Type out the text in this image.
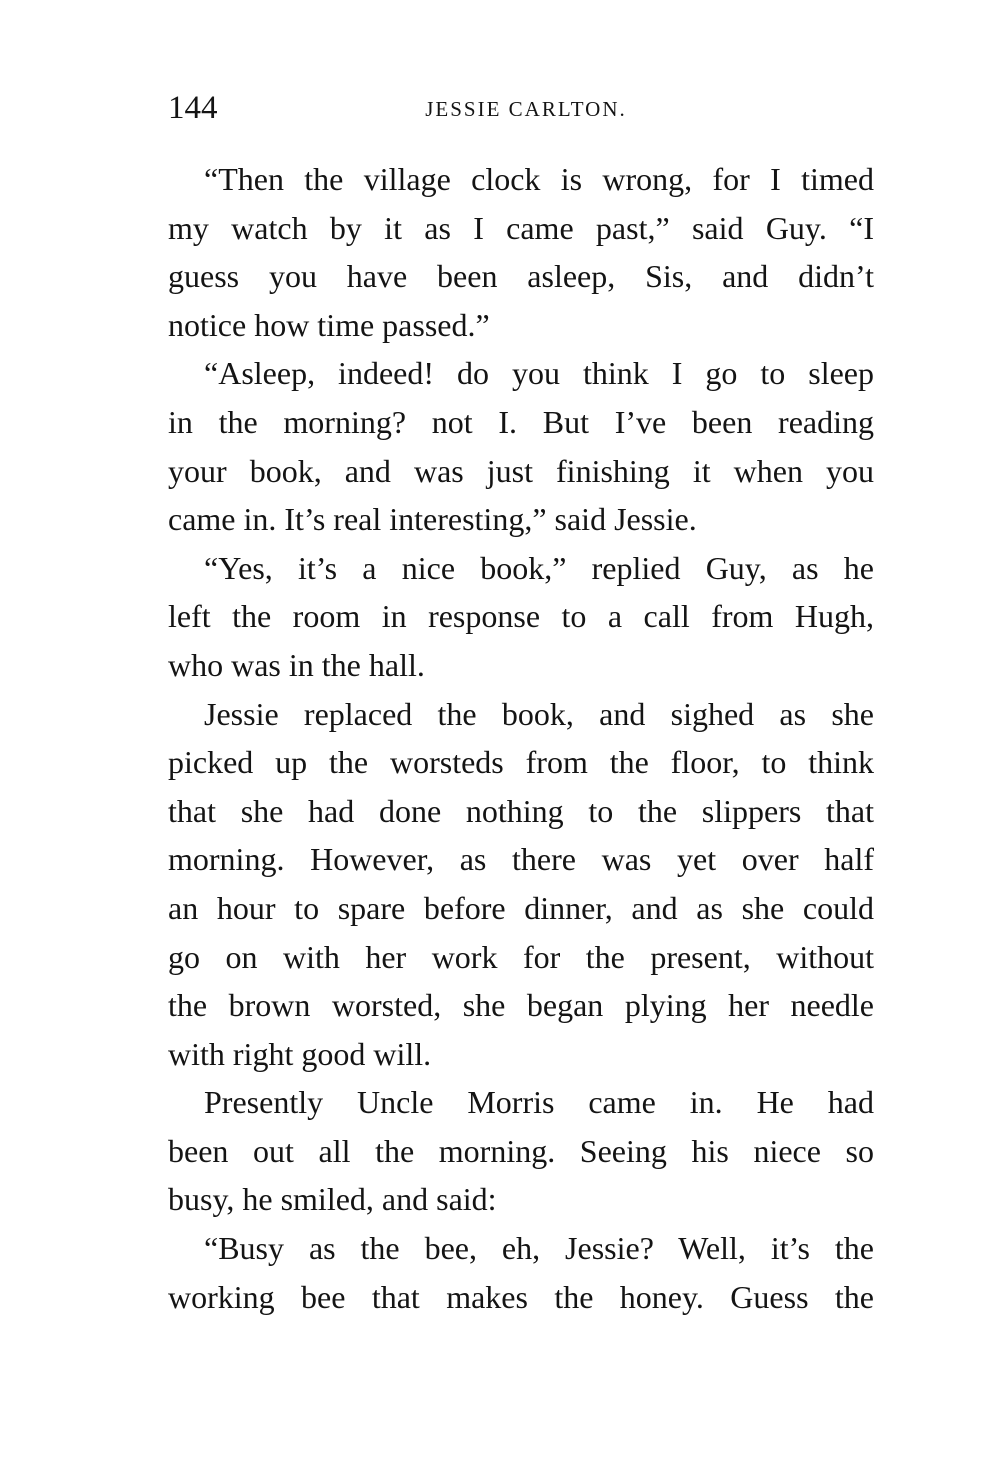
144	JESSIE CARLTON.
“Then the village clock is wrong, for I timed
my watch by it as I came past,” said Guy. “I
guess you have been asleep, Sis, and didn’t
notice how time passed.”
“Asleep, indeed! do you think I go to sleep
in the morning? not I. But I’ve been reading
your book, and was just finishing it when you
came in. It’s real interesting,” said Jessie.
“Yes, it’s a nice book,” replied Guy, as he
left the room in response to a call from Hugh,
who was in the hall.
Jessie replaced the book, and sighed as she
picked up the worsteds from the floor, to think
that she had done nothing to the slippers that
morning. However, as there was yet over half
an hour to spare before dinner, and as she could
go on with her work for the present, without
the brown worsted, she began plying her needle
with right good will.
Presently Uncle Morris came in. He had
been out all the morning. Seeing his niece so
busy, he smiled, and said:
“Busy as the bee, eh, Jessie? Well, it’s the
working bee that makes the honey. Guess the
